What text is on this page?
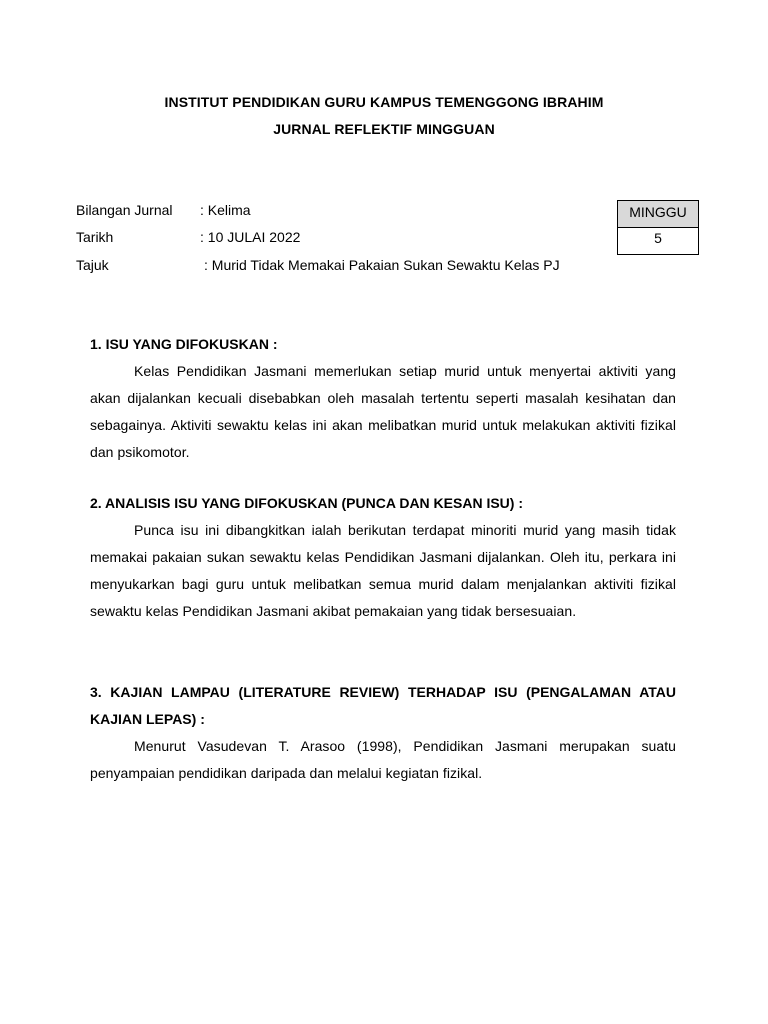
INSTITUT PENDIDIKAN GURU KAMPUS TEMENGGONG IBRAHIM
JURNAL REFLEKTIF MINGGUAN
Bilangan Jurnal : Kelima
Tarikh	: 10 JULAI 2022
Tajuk	: Murid Tidak Memakai Pakaian Sukan Sewaktu Kelas PJ
MINGGU
5
1. ISU YANG DIFOKUSKAN :
Kelas Pendidikan Jasmani memerlukan setiap murid untuk menyertai aktiviti yang akan dijalankan kecuali disebabkan oleh masalah tertentu seperti masalah kesihatan dan sebagainya. Aktiviti sewaktu kelas ini akan melibatkan murid untuk melakukan aktiviti fizikal dan psikomotor.
2. ANALISIS ISU YANG DIFOKUSKAN (PUNCA DAN KESAN ISU) :
Punca isu ini dibangkitkan ialah berikutan terdapat minoriti murid yang masih tidak memakai pakaian sukan sewaktu kelas Pendidikan Jasmani dijalankan. Oleh itu, perkara ini menyukarkan bagi guru untuk melibatkan semua murid dalam menjalankan aktiviti fizikal sewaktu kelas Pendidikan Jasmani akibat pemakaian yang tidak bersesuaian.
3. KAJIAN LAMPAU (LITERATURE REVIEW) TERHADAP ISU (PENGALAMAN ATAU KAJIAN LEPAS) :
Menurut Vasudevan T. Arasoo (1998), Pendidikan Jasmani merupakan suatu penyampaian pendidikan daripada dan melalui kegiatan fizikal.
